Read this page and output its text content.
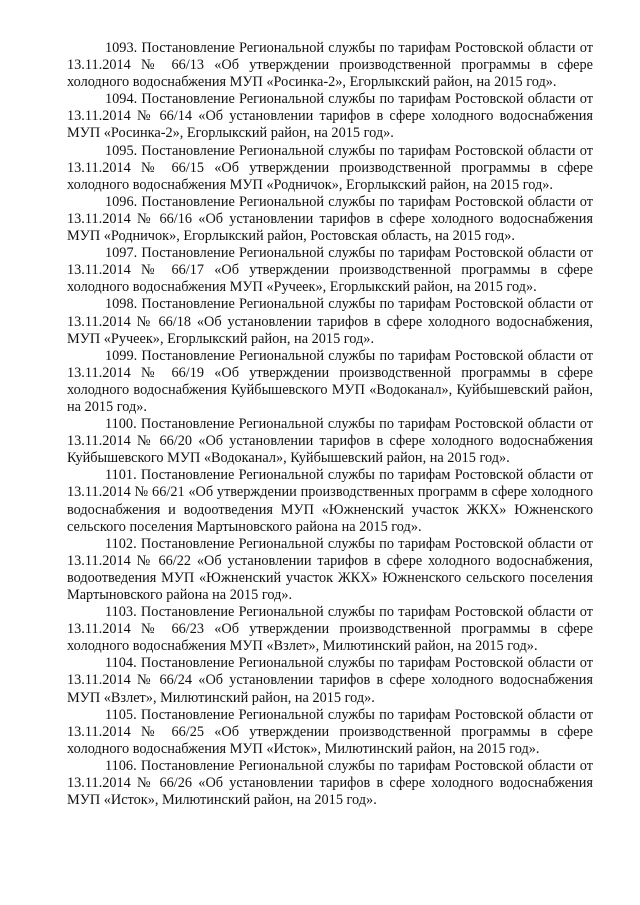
1093. Постановление Региональной службы по тарифам Ростовской области от 13.11.2014 № 66/13 «Об утверждении производственной программы в сфере холодного водоснабжения МУП «Росинка-2», Егорлыкский район, на 2015 год».

1094. Постановление Региональной службы по тарифам Ростовской области от 13.11.2014 № 66/14 «Об установлении тарифов в сфере холодного водоснабжения МУП «Росинка-2», Егорлыкский район, на 2015 год».

1095. Постановление Региональной службы по тарифам Ростовской области от 13.11.2014 № 66/15 «Об утверждении производственной программы в сфере холодного водоснабжения МУП «Родничок», Егорлыкский район, на 2015 год».

1096. Постановление Региональной службы по тарифам Ростовской области от 13.11.2014 № 66/16 «Об установлении тарифов в сфере холодного водоснабжения МУП «Родничок», Егорлыкский район, Ростовская область, на 2015 год».

1097. Постановление Региональной службы по тарифам Ростовской области от 13.11.2014 № 66/17 «Об утверждении производственной программы в сфере холодного водоснабжения МУП «Ручеек», Егорлыкский район, на 2015 год».

1098. Постановление Региональной службы по тарифам Ростовской области от 13.11.2014 № 66/18 «Об установлении тарифов в сфере холодного водоснабжения, МУП «Ручеек», Егорлыкский район, на 2015 год».

1099. Постановление Региональной службы по тарифам Ростовской области от 13.11.2014 № 66/19 «Об утверждении производственной программы в сфере холодного водоснабжения Куйбышевского МУП «Водоканал», Куйбышевский район, на 2015 год».

1100. Постановление Региональной службы по тарифам Ростовской области от 13.11.2014 № 66/20 «Об установлении тарифов в сфере холодного водоснабжения Куйбышевского МУП «Водоканал», Куйбышевский район, на 2015 год».

1101. Постановление Региональной службы по тарифам Ростовской области от 13.11.2014 № 66/21 «Об утверждении производственных программ в сфере холодного водоснабжения и водоотведения МУП «Южненский участок ЖКХ» Южненского сельского поселения Мартыновского района на 2015 год».

1102. Постановление Региональной службы по тарифам Ростовской области от 13.11.2014 № 66/22 «Об установлении тарифов в сфере холодного водоснабжения, водоотведения МУП «Южненский участок ЖКХ» Южненского сельского поселения Мартыновского района на 2015 год».

1103. Постановление Региональной службы по тарифам Ростовской области от 13.11.2014 № 66/23 «Об утверждении производственной программы в сфере холодного водоснабжения МУП «Взлет», Милютинский район, на 2015 год».

1104. Постановление Региональной службы по тарифам Ростовской области от 13.11.2014 № 66/24 «Об установлении тарифов в сфере холодного водоснабжения МУП «Взлет», Милютинский район, на 2015 год».

1105. Постановление Региональной службы по тарифам Ростовской области от 13.11.2014 № 66/25 «Об утверждении производственной программы в сфере холодного водоснабжения МУП «Исток», Милютинский район, на 2015 год».

1106. Постановление Региональной службы по тарифам Ростовской области от 13.11.2014 № 66/26 «Об установлении тарифов в сфере холодного водоснабжения МУП «Исток», Милютинский район, на 2015 год».
